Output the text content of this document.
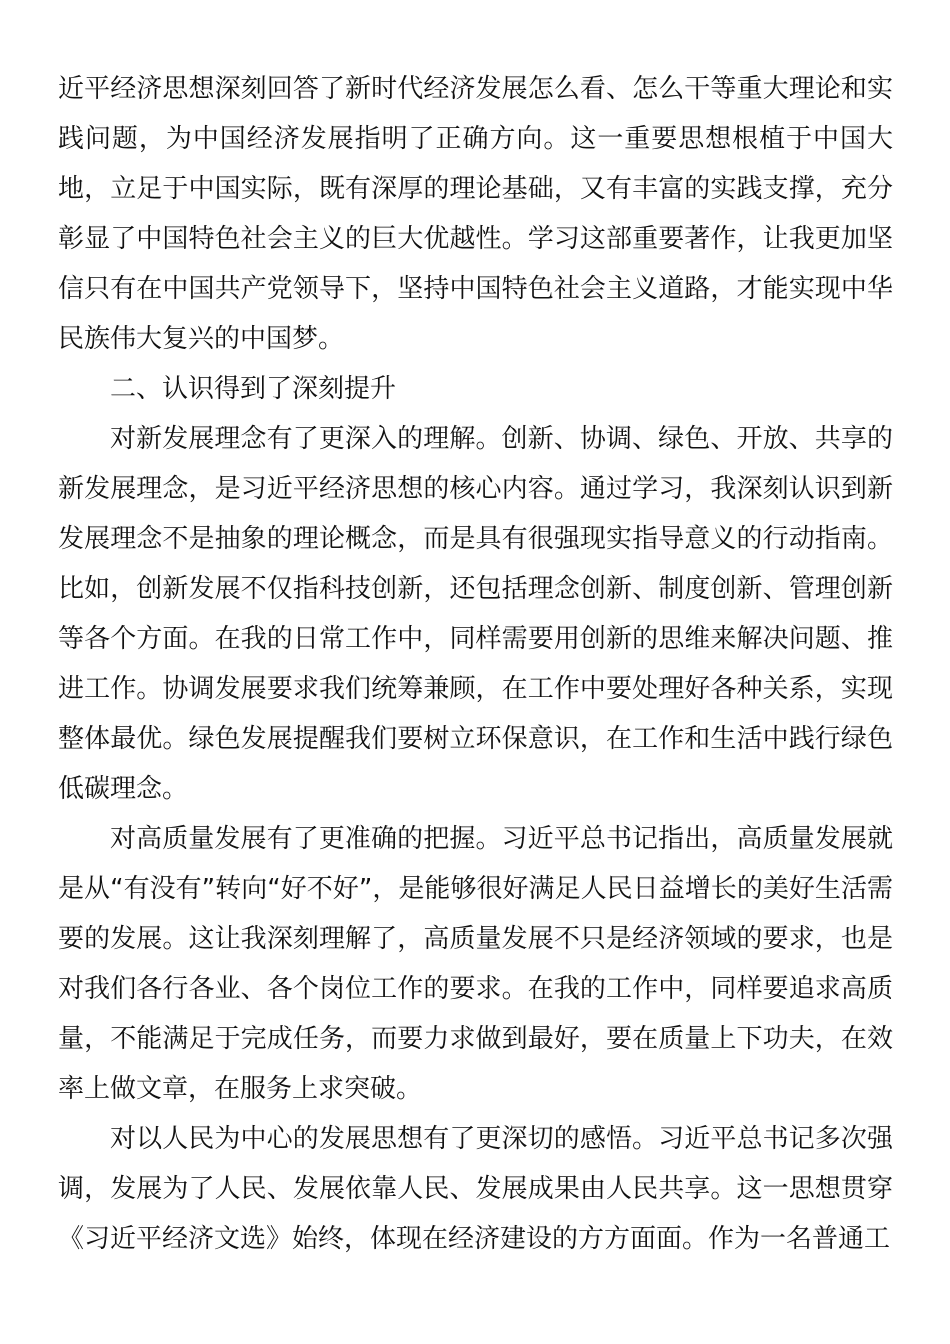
近平经济思想深刻回答了新时代经济发展怎么看、怎么干等重大理论和实践问题，为中国经济发展指明了正确方向。这一重要思想根植于中国大地，立足于中国实际，既有深厚的理论基础，又有丰富的实践支撑，充分彰显了中国特色社会主义的巨大优越性。学习这部重要著作，让我更加坚信只有在中国共产党领导下，坚持中国特色社会主义道路，才能实现中华民族伟大复兴的中国梦。

二、认识得到了深刻提升

对新发展理念有了更深入的理解。创新、协调、绿色、开放、共享的新发展理念，是习近平经济思想的核心内容。通过学习，我深刻认识到新发展理念不是抽象的理论概念，而是具有很强现实指导意义的行动指南。比如，创新发展不仅指科技创新，还包括理念创新、制度创新、管理创新等各个方面。在我的日常工作中，同样需要用创新的思维来解决问题、推进工作。协调发展要求我们统筹兼顾，在工作中要处理好各种关系，实现整体最优。绿色发展提醒我们要树立环保意识，在工作和生活中践行绿色低碳理念。

对高质量发展有了更准确的把握。习近平总书记指出，高质量发展就是从“有没有”转向“好不好”，是能够很好满足人民日益增长的美好生活需要的发展。这让我深刻理解了，高质量发展不只是经济领域的要求，也是对我们各行各业、各个岗位工作的要求。在我的工作中，同样要追求高质量，不能满足于完成任务，而要力求做到最好，要在质量上下功夫，在效率上做文章，在服务上求突破。

对以人民为中心的发展思想有了更深切的感悟。习近平总书记多次强调，发展为了人民、发展依靠人民、发展成果由人民共享。这一思想贯穿《习近平经济文选》始终，体现在经济建设的方方面面。作为一名普通工
